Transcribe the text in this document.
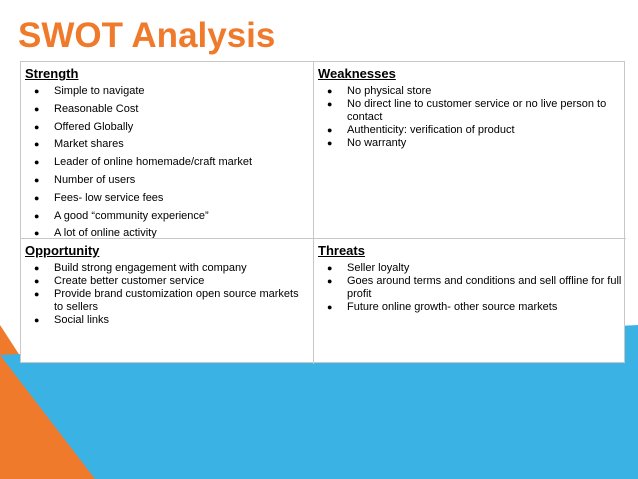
SWOT Analysis
Strength
● Simple to navigate
● Reasonable Cost
● Offered Globally
● Market shares
● Leader of online homemade/craft market
● Number of users
● Fees- low service fees
● A good “community experience”
● A lot of online activity
Weaknesses
● No physical store
● No direct line to customer service or no live person to contact
● Authenticity: verification of product
● No warranty
Opportunity
● Build strong engagement with company
● Create better customer service
● Provide brand customization open source markets to sellers
● Social links
Threats
● Seller loyalty
● Goes around terms and conditions and sell offline for full profit
● Future online growth- other source markets
